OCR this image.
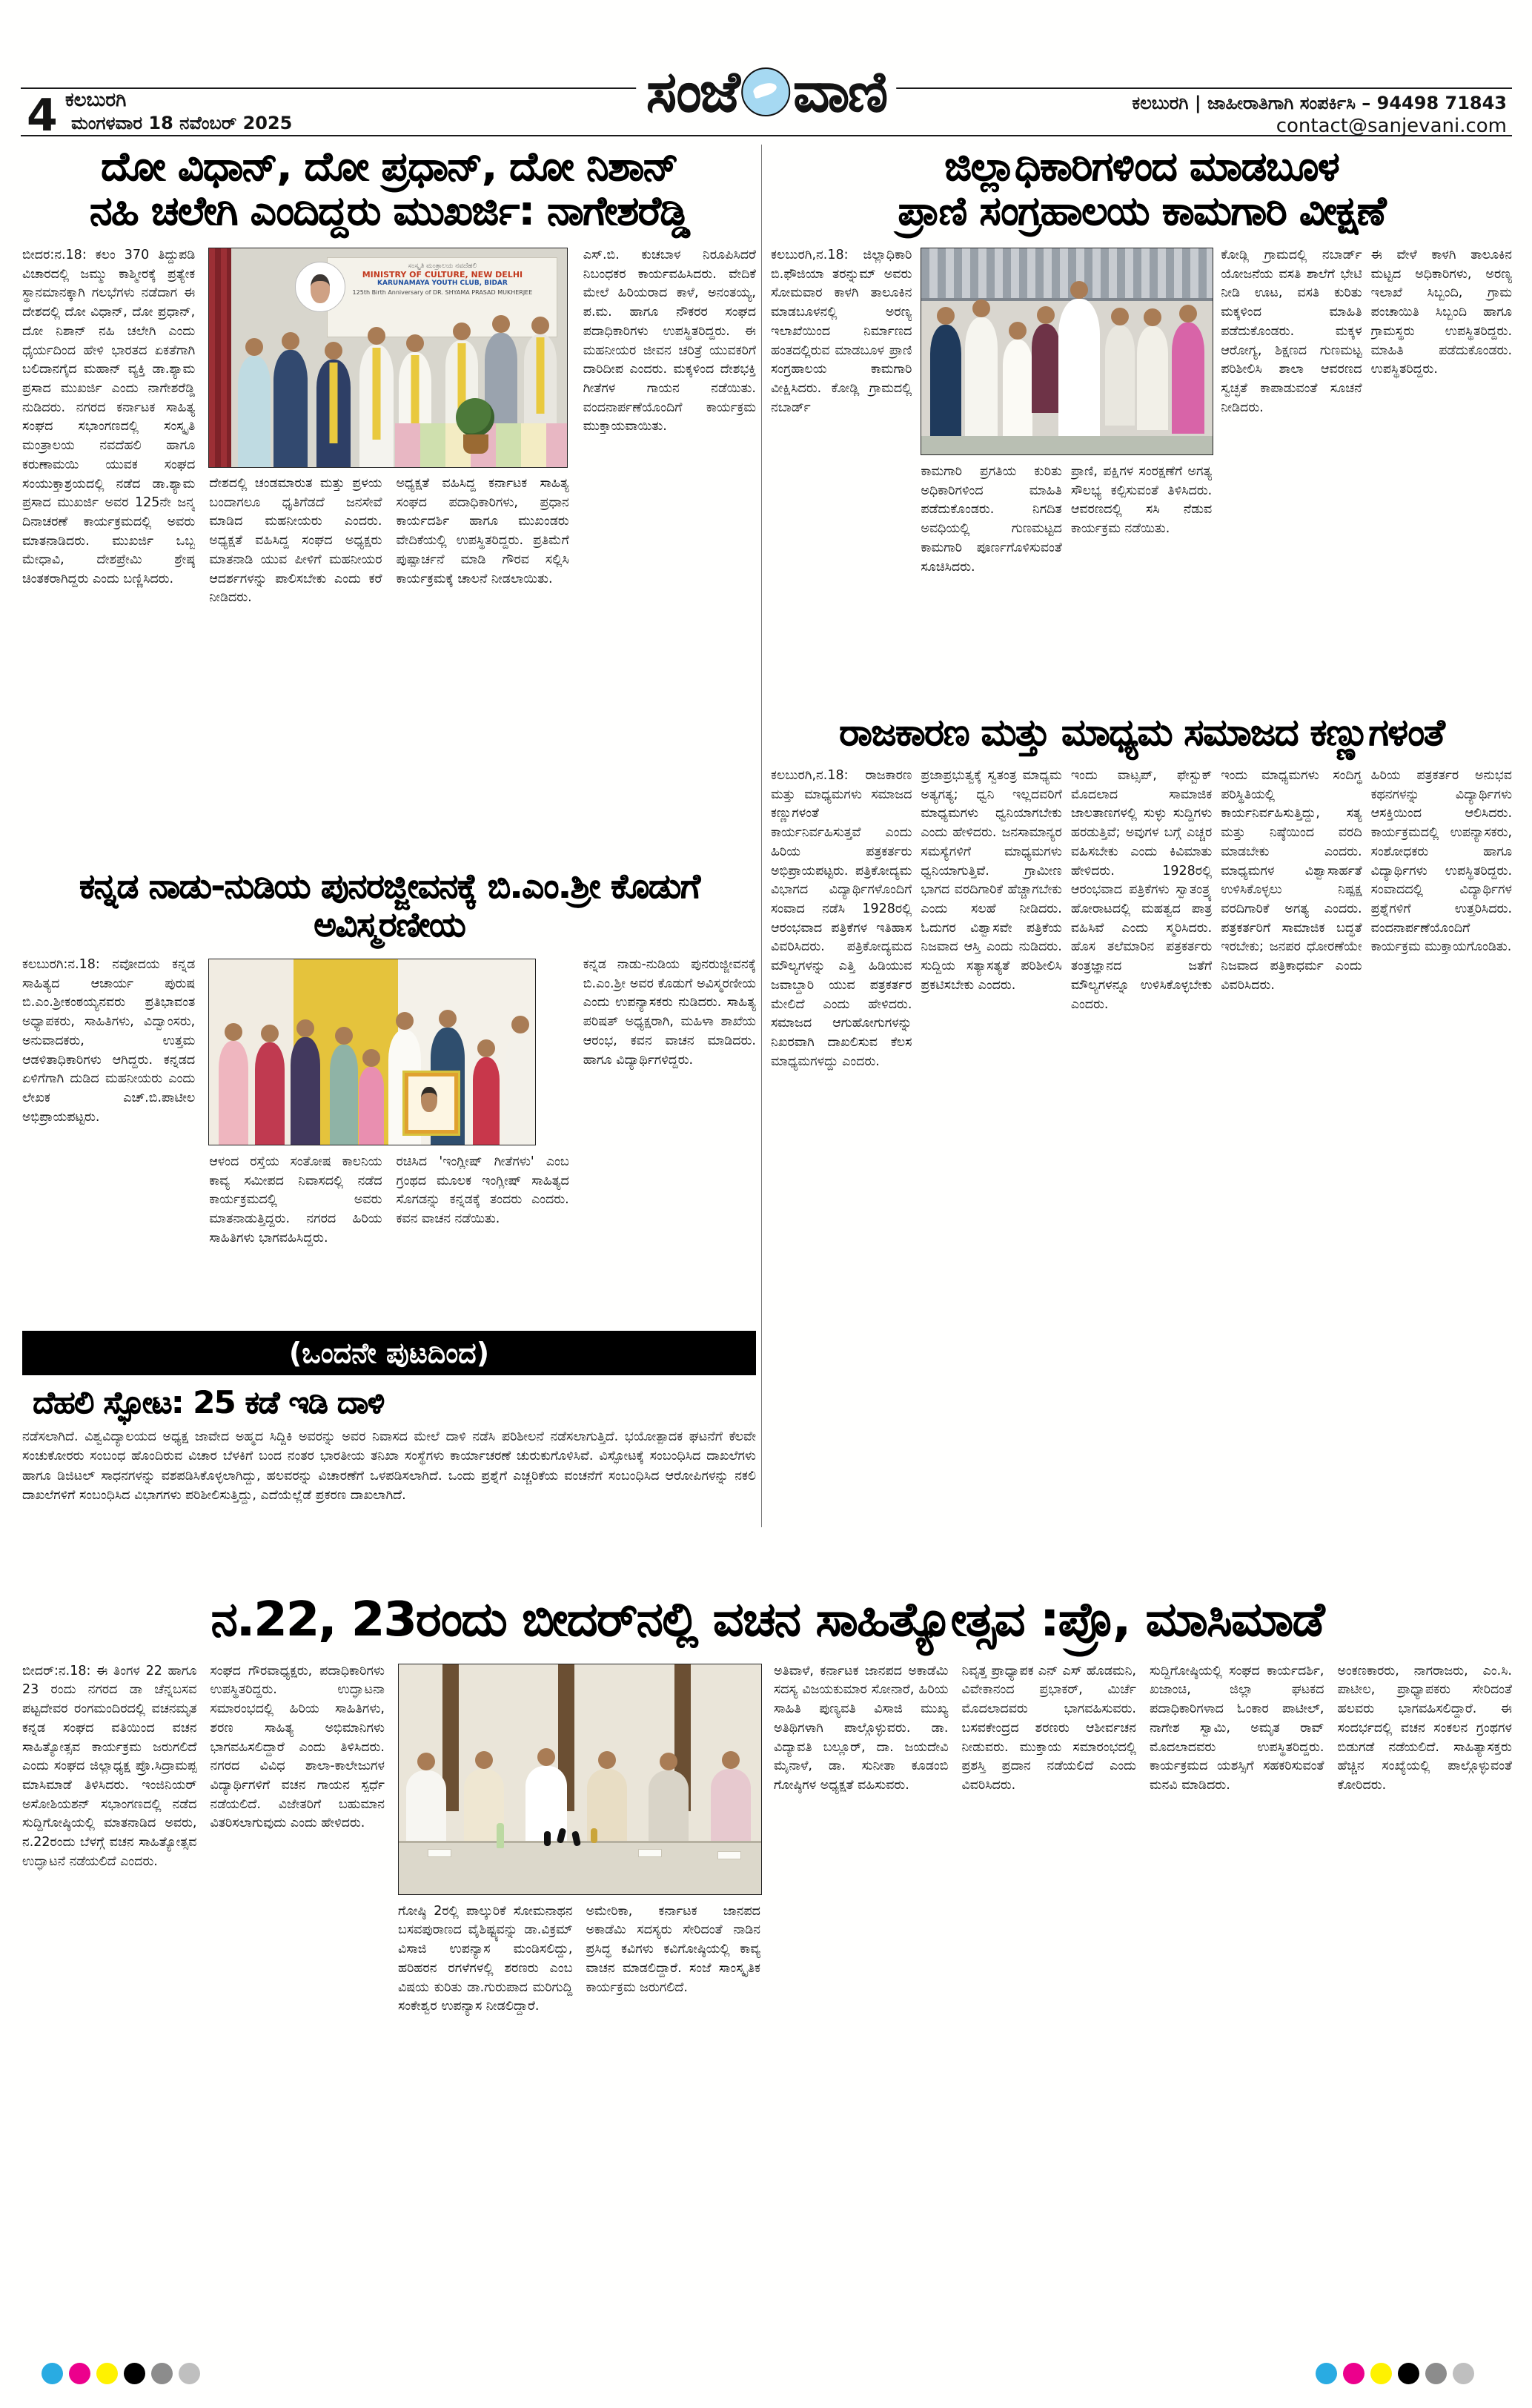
4 ಕಲಬುರಗಿ
ಮಂಗಳವಾರ 18 ನವೆಂಬರ್ 2025	ಸಂಜೆ ವಾಣಿ	ಕಲಬುರಗಿ | ಜಾಹೀರಾತಿಗಾಗಿ ಸಂಪರ್ಕಿಸಿ – 94498 71843
contact@sanjevani.com
ದೋ ವಿಧಾನ್, ದೋ ಪ್ರಧಾನ್, ದೋ ನಿಶಾನ್
ನಹಿ ಚಲೇಗಿ ಎಂದಿದ್ದರು ಮುಖರ್ಜಿ: ನಾಗೇಶರೆಡ್ಡಿ
ಬೀದರ:ನ.18: ಕಲಂ 370 ತಿದ್ದುಪಡಿ ವಿಚಾರದಲ್ಲಿ ಜಮ್ಮು ಕಾಶ್ಮೀರಕ್ಕೆ ಪ್ರತ್ಯೇಕ ಸ್ಥಾನಮಾನಕ್ಕಾಗಿ ಗಲಭೆಗಳು ನಡೆದಾಗ ಈ ದೇಶದಲ್ಲಿ ದೋ ವಿಧಾನ್, ದೋ ಪ್ರಧಾನ್, ದೋ ನಿಶಾನ್ ನಹಿ ಚಲೇಗಿ ಎಂದು ಧೈರ್ಯದಿಂದ ಹೇಳಿ ಭಾರತದ ಏಕತೆಗಾಗಿ ಬಲಿದಾನಗೈದ ಮಹಾನ್ ವ್ಯಕ್ತಿ ಡಾ.ಶ್ಯಾಮ ಪ್ರಸಾದ ಮುಖರ್ಜಿ ಎಂದು ನಾಗೇಶರೆಡ್ಡಿ ನುಡಿದರು. ನಗರದ ಕರ್ನಾಟಕ ಸಾಹಿತ್ಯ ಸಂಘದ ಸಭಾಂಗಣದಲ್ಲಿ ಸಂಸ್ಕೃತಿ ಮಂತ್ರಾಲಯ ನವದೆಹಲಿ ಹಾಗೂ ಕರುಣಾಮಯಿ ಯುವಕ ಸಂಘದ ಸಂಯುಕ್ತಾಶ್ರಯದಲ್ಲಿ ನಡೆದ ಡಾ.ಶ್ಯಾಮ ಪ್ರಸಾದ ಮುಖರ್ಜಿ ಅವರ 125ನೇ ಜನ್ಮ ದಿನಾಚರಣೆ ಕಾರ್ಯಕ್ರಮದಲ್ಲಿ ಅವರು ಮಾತನಾಡಿದರು. ಮುಖರ್ಜಿ ಒಬ್ಬ ಮೇಧಾವಿ, ದೇಶಪ್ರೇಮಿ ಶ್ರೇಷ್ಠ ಚಿಂತಕರಾಗಿದ್ದರು ಎಂದು ಬಣ್ಣಿಸಿದರು.
ದೇಶದಲ್ಲಿ ಚಂಡಮಾರುತ ಮತ್ತು ಪ್ರಳಯ ಬಂದಾಗಲೂ ಧೃತಿಗೆಡದೆ ಜನಸೇವೆ ಮಾಡಿದ ಮಹನೀಯರು ಎಂದರು. ಅಧ್ಯಕ್ಷತೆ ವಹಿಸಿದ್ದ ಸಂಘದ ಅಧ್ಯಕ್ಷರು ಮಾತನಾಡಿ ಯುವ ಪೀಳಿಗೆ ಮಹನೀಯರ ಆದರ್ಶಗಳನ್ನು ಪಾಲಿಸಬೇಕು ಎಂದು ಕರೆ ನೀಡಿದರು.
ಅಧ್ಯಕ್ಷತೆ ವಹಿಸಿದ್ದ ಕರ್ನಾಟಕ ಸಾಹಿತ್ಯ ಸಂಘದ ಪದಾಧಿಕಾರಿಗಳು, ಪ್ರಧಾನ ಕಾರ್ಯದರ್ಶಿ ಹಾಗೂ ಮುಖಂಡರು ವೇದಿಕೆಯಲ್ಲಿ ಉಪಸ್ಥಿತರಿದ್ದರು. ಪ್ರತಿಮೆಗೆ ಪುಷ್ಪಾರ್ಚನೆ ಮಾಡಿ ಗೌರವ ಸಲ್ಲಿಸಿ ಕಾರ್ಯಕ್ರಮಕ್ಕೆ ಚಾಲನೆ ನೀಡಲಾಯಿತು.
ಎಸ್.ಬಿ. ಕುಚಬಾಳ ನಿರೂಪಿಸಿದರೆ ನಿಬಂಧಕರ ಕಾರ್ಯವಹಿಸಿದರು. ವೇದಿಕೆ ಮೇಲೆ ಹಿರಿಯರಾದ ಕಾಳೆ, ಅನಂತಯ್ಯ, ಪ.ಮ. ಹಾಗೂ ನೌಕರರ ಸಂಘದ ಪದಾಧಿಕಾರಿಗಳು ಉಪಸ್ಥಿತರಿದ್ದರು. ಈ ಮಹನೀಯರ ಜೀವನ ಚರಿತ್ರೆ ಯುವಕರಿಗೆ ದಾರಿದೀಪ ಎಂದರು. ಮಕ್ಕಳಿಂದ ದೇಶಭಕ್ತಿ ಗೀತೆಗಳ ಗಾಯನ ನಡೆಯಿತು. ವಂದನಾರ್ಪಣೆಯೊಂದಿಗೆ ಕಾರ್ಯಕ್ರಮ ಮುಕ್ತಾಯವಾಯಿತು.
ಸಂಸ್ಕೃತಿ ಮಂತ್ರಾಲಯ ನವದೆಹಲಿ
MINISTRY OF CULTURE, NEW DELHI
KARUNAMAYA YOUTH CLUB, BIDAR
125th Birth Anniversary of DR. SHYAMA PRASAD MUKHERJEE
ಜಿಲ್ಲಾಧಿಕಾರಿಗಳಿಂದ ಮಾಡಬೂಳ
ಪ್ರಾಣಿ ಸಂಗ್ರಹಾಲಯ ಕಾಮಗಾರಿ ವೀಕ್ಷಣೆ
ಕಲಬುರಗಿ,ನ.18: ಜಿಲ್ಲಾಧಿಕಾರಿ ಬಿ.ಫೌಜಿಯಾ ತರನ್ನುಮ್ ಅವರು ಸೋಮವಾರ ಕಾಳಗಿ ತಾಲೂಕಿನ ಮಾಡಬೂಳನಲ್ಲಿ ಅರಣ್ಯ ಇಲಾಖೆಯಿಂದ ನಿರ್ಮಾಣದ ಹಂತದಲ್ಲಿರುವ ಮಾಡಬೂಳ ಪ್ರಾಣಿ ಸಂಗ್ರಹಾಲಯ ಕಾಮಗಾರಿ ವೀಕ್ಷಿಸಿದರು. ಕೋಡ್ಲಿ ಗ್ರಾಮದಲ್ಲಿ ನಬಾರ್ಡ್
ಕಾಮಗಾರಿ ಪ್ರಗತಿಯ ಕುರಿತು ಅಧಿಕಾರಿಗಳಿಂದ ಮಾಹಿತಿ ಪಡೆದುಕೊಂಡರು. ನಿಗದಿತ ಅವಧಿಯಲ್ಲಿ ಗುಣಮಟ್ಟದ ಕಾಮಗಾರಿ ಪೂರ್ಣಗೊಳಿಸುವಂತೆ ಸೂಚಿಸಿದರು.
ಪ್ರಾಣಿ, ಪಕ್ಷಿಗಳ ಸಂರಕ್ಷಣೆಗೆ ಅಗತ್ಯ ಸೌಲಭ್ಯ ಕಲ್ಪಿಸುವಂತೆ ತಿಳಿಸಿದರು. ಆವರಣದಲ್ಲಿ ಸಸಿ ನೆಡುವ ಕಾರ್ಯಕ್ರಮ ನಡೆಯಿತು.
ಕೋಡ್ಲಿ ಗ್ರಾಮದಲ್ಲಿ ನಬಾರ್ಡ್ ಯೋಜನೆಯ ವಸತಿ ಶಾಲೆಗೆ ಭೇಟಿ ನೀಡಿ ಊಟ, ವಸತಿ ಕುರಿತು ಮಕ್ಕಳಿಂದ ಮಾಹಿತಿ ಪಡೆದುಕೊಂಡರು. ಮಕ್ಕಳ ಆರೋಗ್ಯ, ಶಿಕ್ಷಣದ ಗುಣಮಟ್ಟ ಪರಿಶೀಲಿಸಿ ಶಾಲಾ ಆವರಣದ ಸ್ವಚ್ಛತೆ ಕಾಪಾಡುವಂತೆ ಸೂಚನೆ ನೀಡಿದರು.
ಈ ವೇಳೆ ಕಾಳಗಿ ತಾಲೂಕಿನ ಮಟ್ಟದ ಅಧಿಕಾರಿಗಳು, ಅರಣ್ಯ ಇಲಾಖೆ ಸಿಬ್ಬಂದಿ, ಗ್ರಾಮ ಪಂಚಾಯಿತಿ ಸಿಬ್ಬಂದಿ ಹಾಗೂ ಗ್ರಾಮಸ್ಥರು ಉಪಸ್ಥಿತರಿದ್ದರು. ಮಾಹಿತಿ ಪಡೆದುಕೊಂಡರು. ಉಪಸ್ಥಿತರಿದ್ದರು.
ರಾಜಕಾರಣ ಮತ್ತು ಮಾಧ್ಯಮ ಸಮಾಜದ ಕಣ್ಣುಗಳಂತೆ
ಕಲಬುರಗಿ,ನ.18: ರಾಜಕಾರಣ ಮತ್ತು ಮಾಧ್ಯಮಗಳು ಸಮಾಜದ ಕಣ್ಣುಗಳಂತೆ ಕಾರ್ಯನಿರ್ವಹಿಸುತ್ತವೆ ಎಂದು ಹಿರಿಯ ಪತ್ರಕರ್ತರು ಅಭಿಪ್ರಾಯಪಟ್ಟರು. ಪತ್ರಿಕೋದ್ಯಮ ವಿಭಾಗದ ವಿದ್ಯಾರ್ಥಿಗಳೊಂದಿಗೆ ಸಂವಾದ ನಡೆಸಿ 1928ರಲ್ಲಿ ಆರಂಭವಾದ ಪತ್ರಿಕೆಗಳ ಇತಿಹಾಸ ವಿವರಿಸಿದರು. ಪತ್ರಿಕೋದ್ಯಮದ ಮೌಲ್ಯಗಳನ್ನು ಎತ್ತಿ ಹಿಡಿಯುವ ಜವಾಬ್ದಾರಿ ಯುವ ಪತ್ರಕರ್ತರ ಮೇಲಿದೆ ಎಂದು ಹೇಳಿದರು. ಸಮಾಜದ ಆಗುಹೋಗುಗಳನ್ನು ನಿಖರವಾಗಿ ದಾಖಲಿಸುವ ಕೆಲಸ ಮಾಧ್ಯಮಗಳದ್ದು ಎಂದರು.
ಪ್ರಜಾಪ್ರಭುತ್ವಕ್ಕೆ ಸ್ವತಂತ್ರ ಮಾಧ್ಯಮ ಅತ್ಯಗತ್ಯ; ಧ್ವನಿ ಇಲ್ಲದವರಿಗೆ ಮಾಧ್ಯಮಗಳು ಧ್ವನಿಯಾಗಬೇಕು ಎಂದು ಹೇಳಿದರು. ಜನಸಾಮಾನ್ಯರ ಸಮಸ್ಯೆಗಳಿಗೆ ಮಾಧ್ಯಮಗಳು ಧ್ವನಿಯಾಗುತ್ತಿವೆ. ಗ್ರಾಮೀಣ ಭಾಗದ ವರದಿಗಾರಿಕೆ ಹೆಚ್ಚಾಗಬೇಕು ಎಂದು ಸಲಹೆ ನೀಡಿದರು. ಓದುಗರ ವಿಶ್ವಾಸವೇ ಪತ್ರಿಕೆಯ ನಿಜವಾದ ಆಸ್ತಿ ಎಂದು ನುಡಿದರು. ಸುದ್ದಿಯ ಸತ್ಯಾಸತ್ಯತೆ ಪರಿಶೀಲಿಸಿ ಪ್ರಕಟಿಸಬೇಕು ಎಂದರು.
ಇಂದು ವಾಟ್ಸಪ್, ಫೇಸ್ಬುಕ್ ಮೊದಲಾದ ಸಾಮಾಜಿಕ ಜಾಲತಾಣಗಳಲ್ಲಿ ಸುಳ್ಳು ಸುದ್ದಿಗಳು ಹರಡುತ್ತಿವೆ; ಅವುಗಳ ಬಗ್ಗೆ ಎಚ್ಚರ ವಹಿಸಬೇಕು ಎಂದು ಕಿವಿಮಾತು ಹೇಳಿದರು. 1928ರಲ್ಲಿ ಆರಂಭವಾದ ಪತ್ರಿಕೆಗಳು ಸ್ವಾತಂತ್ರ್ಯ ಹೋರಾಟದಲ್ಲಿ ಮಹತ್ವದ ಪಾತ್ರ ವಹಿಸಿವೆ ಎಂದು ಸ್ಮರಿಸಿದರು. ಹೊಸ ತಲೆಮಾರಿನ ಪತ್ರಕರ್ತರು ತಂತ್ರಜ್ಞಾನದ ಜತೆಗೆ ಮೌಲ್ಯಗಳನ್ನೂ ಉಳಿಸಿಕೊಳ್ಳಬೇಕು ಎಂದರು.
ಇಂದು ಮಾಧ್ಯಮಗಳು ಸಂದಿಗ್ಧ ಪರಿಸ್ಥಿತಿಯಲ್ಲಿ ಕಾರ್ಯನಿರ್ವಹಿಸುತ್ತಿದ್ದು, ಸತ್ಯ ಮತ್ತು ನಿಷ್ಠೆಯಿಂದ ವರದಿ ಮಾಡಬೇಕು ಎಂದರು. ಮಾಧ್ಯಮಗಳ ವಿಶ್ವಾಸಾರ್ಹತೆ ಉಳಿಸಿಕೊಳ್ಳಲು ನಿಷ್ಪಕ್ಷ ವರದಿಗಾರಿಕೆ ಅಗತ್ಯ ಎಂದರು. ಪತ್ರಕರ್ತರಿಗೆ ಸಾಮಾಜಿಕ ಬದ್ಧತೆ ಇರಬೇಕು; ಜನಪರ ಧೋರಣೆಯೇ ನಿಜವಾದ ಪತ್ರಿಕಾಧರ್ಮ ಎಂದು ವಿವರಿಸಿದರು.
ಹಿರಿಯ ಪತ್ರಕರ್ತರ ಅನುಭವ ಕಥನಗಳನ್ನು ವಿದ್ಯಾರ್ಥಿಗಳು ಆಸಕ್ತಿಯಿಂದ ಆಲಿಸಿದರು. ಕಾರ್ಯಕ್ರಮದಲ್ಲಿ ಉಪನ್ಯಾಸಕರು, ಸಂಶೋಧಕರು ಹಾಗೂ ವಿದ್ಯಾರ್ಥಿಗಳು ಉಪಸ್ಥಿತರಿದ್ದರು. ಸಂವಾದದಲ್ಲಿ ವಿದ್ಯಾರ್ಥಿಗಳ ಪ್ರಶ್ನೆಗಳಿಗೆ ಉತ್ತರಿಸಿದರು. ವಂದನಾರ್ಪಣೆಯೊಂದಿಗೆ ಕಾರ್ಯಕ್ರಮ ಮುಕ್ತಾಯಗೊಂಡಿತು.
ಕನ್ನಡ ನಾಡು-ನುಡಿಯ ಪುನರಜ್ಜೀವನಕ್ಕೆ ಬಿ.ಎಂ.ಶ್ರೀ ಕೊಡುಗೆ ಅವಿಸ್ಮರಣೀಯ
ಕಲಬುರಗಿ:ನ.18: ನವೋದಯ ಕನ್ನಡ ಸಾಹಿತ್ಯದ ಆಚಾರ್ಯ ಪುರುಷ ಬಿ.ಎಂ.ಶ್ರೀಕಂಠಯ್ಯನವರು ಪ್ರತಿಭಾವಂತ ಅಧ್ಯಾಪಕರು, ಸಾಹಿತಿಗಳು, ವಿದ್ವಾಂಸರು, ಅನುವಾದಕರು, ಉತ್ತಮ ಆಡಳಿತಾಧಿಕಾರಿಗಳು ಆಗಿದ್ದರು. ಕನ್ನಡದ ಏಳಿಗೆಗಾಗಿ ದುಡಿದ ಮಹನೀಯರು ಎಂದು ಲೇಖಕ ಎಚ್.ಬಿ.ಪಾಟೀಲ ಅಭಿಪ್ರಾಯಪಟ್ಟರು.
ಆಳಂದ ರಸ್ತೆಯ ಸಂತೋಷ ಕಾಲನಿಯ ಕಾವ್ಯ ಸಮೀಪದ ನಿವಾಸದಲ್ಲಿ ನಡೆದ ಕಾರ್ಯಕ್ರಮದಲ್ಲಿ ಅವರು ಮಾತನಾಡುತ್ತಿದ್ದರು. ನಗರದ ಹಿರಿಯ ಸಾಹಿತಿಗಳು ಭಾಗವಹಿಸಿದ್ದರು.
ರಚಿಸಿದ 'ಇಂಗ್ಲೀಷ್ ಗೀತೆಗಳು' ಎಂಬ ಗ್ರಂಥದ ಮೂಲಕ ಇಂಗ್ಲೀಷ್ ಸಾಹಿತ್ಯದ ಸೊಗಡನ್ನು ಕನ್ನಡಕ್ಕೆ ತಂದರು ಎಂದರು. ಕವನ ವಾಚನ ನಡೆಯಿತು.
ಕನ್ನಡ ನಾಡು-ನುಡಿಯ ಪುನರುಜ್ಜೀವನಕ್ಕೆ ಬಿ.ಎಂ.ಶ್ರೀ ಅವರ ಕೊಡುಗೆ ಅವಿಸ್ಮರಣೀಯ ಎಂದು ಉಪನ್ಯಾಸಕರು ನುಡಿದರು. ಸಾಹಿತ್ಯ ಪರಿಷತ್ ಅಧ್ಯಕ್ಷರಾಗಿ, ಮಹಿಳಾ ಶಾಖೆಯ ಆರಂಭ, ಕವನ ವಾಚನ ಮಾಡಿದರು. ಹಾಗೂ ವಿದ್ಯಾರ್ಥಿಗಳಿದ್ದರು.
(ಒಂದನೇ ಪುಟದಿಂದ)
ದೆಹಲಿ ಸ್ಫೋಟ: 25 ಕಡೆ ಇಡಿ ದಾಳಿ
ನಡೆಸಲಾಗಿದೆ. ವಿಶ್ವವಿದ್ಯಾಲಯದ ಅಧ್ಯಕ್ಷ ಜಾವೇದ ಅಹ್ಮದ ಸಿದ್ದಿಕಿ ಅವರನ್ನು ಅವರ ನಿವಾಸದ ಮೇಲೆ ದಾಳಿ ನಡೆಸಿ ಪರಿಶೀಲನೆ ನಡೆಸಲಾಗುತ್ತಿದೆ. ಭಯೋತ್ಪಾದಕ ಘಟನೆಗೆ ಕೆಲವೇ ಸಂಚುಕೋರರು ಸಂಬಂಧ ಹೊಂದಿರುವ ವಿಚಾರ ಬೆಳಕಿಗೆ ಬಂದ ನಂತರ ಭಾರತೀಯ ತನಿಖಾ ಸಂಸ್ಥೆಗಳು ಕಾರ್ಯಾಚರಣೆ ಚುರುಕುಗೊಳಿಸಿವೆ. ವಿಸ್ಫೋಟಕ್ಕೆ ಸಂಬಂಧಿಸಿದ ದಾಖಲೆಗಳು ಹಾಗೂ ಡಿಜಿಟಲ್ ಸಾಧನಗಳನ್ನು ವಶಪಡಿಸಿಕೊಳ್ಳಲಾಗಿದ್ದು, ಹಲವರನ್ನು ವಿಚಾರಣೆಗೆ ಒಳಪಡಿಸಲಾಗಿದೆ. ಒಂದು ಪ್ರಶ್ನೆಗೆ ಎಚ್ಚರಿಕೆಯ ವಂಚನೆಗೆ ಸಂಬಂಧಿಸಿದ ಆರೋಪಿಗಳನ್ನು ನಕಲಿ ದಾಖಲೆಗಳಿಗೆ ಸಂಬಂಧಿಸಿದ ವಿಭಾಗಗಳು ಪರಿಶೀಲಿಸುತ್ತಿದ್ದು, ಎದೆಯೆಲ್ಲೆಡೆ ಪ್ರಕರಣ ದಾಖಲಾಗಿದೆ.
ನ.22, 23ರಂದು ಬೀದರ್‌ನಲ್ಲಿ ವಚನ ಸಾಹಿತ್ಯೋತ್ಸವ :ಪ್ರೊ, ಮಾಸಿಮಾಡೆ
ಬೀದರ್:ನ.18: ಈ ತಿಂಗಳ 22 ಹಾಗೂ 23 ರಂದು ನಗರದ ಡಾ ಚೆನ್ನಬಸವ ಪಟ್ಟದೇವರ ರಂಗಮಂದಿರದಲ್ಲಿ ವಚನಮೃತ ಕನ್ನಡ ಸಂಘದ ವತಿಯಿಂದ ವಚನ ಸಾಹಿತ್ಯೋತ್ಸವ ಕಾರ್ಯಕ್ರಮ ಜರುಗಲಿದೆ ಎಂದು ಸಂಘದ ಜಿಲ್ಲಾಧ್ಯಕ್ಷ ಪ್ರೊ.ಸಿದ್ರಾಮಪ್ಪ ಮಾಸಿಮಾಡೆ ತಿಳಿಸಿದರು. ಇಂಜಿನಿಯರ್ ಅಸೋಶಿಯಶನ್ ಸಭಾಂಗಣದಲ್ಲಿ ನಡೆದ ಸುದ್ದಿಗೋಷ್ಠಿಯಲ್ಲಿ ಮಾತನಾಡಿದ ಅವರು, ನ.22ರಂದು ಬೆಳಗ್ಗೆ ವಚನ ಸಾಹಿತ್ಯೋತ್ಸವ ಉದ್ಘಾಟನೆ ನಡೆಯಲಿದೆ ಎಂದರು.
ಸಂಘದ ಗೌರವಾಧ್ಯಕ್ಷರು, ಪದಾಧಿಕಾರಿಗಳು ಉಪಸ್ಥಿತರಿದ್ದರು. ಉದ್ಘಾಟನಾ ಸಮಾರಂಭದಲ್ಲಿ ಹಿರಿಯ ಸಾಹಿತಿಗಳು, ಶರಣ ಸಾಹಿತ್ಯ ಅಭಿಮಾನಿಗಳು ಭಾಗವಹಿಸಲಿದ್ದಾರೆ ಎಂದು ತಿಳಿಸಿದರು. ನಗರದ ವಿವಿಧ ಶಾಲಾ-ಕಾಲೇಜುಗಳ ವಿದ್ಯಾರ್ಥಿಗಳಿಗೆ ವಚನ ಗಾಯನ ಸ್ಪರ್ಧೆ ನಡೆಯಲಿದೆ. ವಿಜೇತರಿಗೆ ಬಹುಮಾನ ವಿತರಿಸಲಾಗುವುದು ಎಂದು ಹೇಳಿದರು.
ಗೋಷ್ಠಿ 2ರಲ್ಲಿ ಪಾಲ್ಕುರಿಕೆ ಸೋಮನಾಥನ ಬಸವಪುರಾಣದ ವೈಶಿಷ್ಟ್ಯವನ್ನು ಡಾ.ವಿಕ್ರಮ್ ವಿಸಾಜಿ ಉಪನ್ಯಾಸ ಮಂಡಿಸಲಿದ್ದು, ಹರಿಹರನ ರಗಳೆಗಳಲ್ಲಿ ಶರಣರು ಎಂಬ ವಿಷಯ ಕುರಿತು ಡಾ.ಗುರುಪಾದ ಮರಿಗುದ್ದಿ ಸಂಕೇಶ್ವರ ಉಪನ್ಯಾಸ ನೀಡಲಿದ್ದಾರೆ.
ಅಮೇರಿಕಾ, ಕರ್ನಾಟಕ ಜಾನಪದ ಅಕಾಡೆಮಿ ಸದಸ್ಯರು ಸೇರಿದಂತೆ ನಾಡಿನ ಪ್ರಸಿದ್ಧ ಕವಿಗಳು ಕವಿಗೋಷ್ಠಿಯಲ್ಲಿ ಕಾವ್ಯ ವಾಚನ ಮಾಡಲಿದ್ದಾರೆ. ಸಂಜೆ ಸಾಂಸ್ಕೃತಿಕ ಕಾರ್ಯಕ್ರಮ ಜರುಗಲಿದೆ.
ಅತಿವಾಳೆ, ಕರ್ನಾಟಕ ಜಾನಪದ ಅಕಾಡೆಮಿ ಸದಸ್ಯ ವಿಜಯಕುಮಾರ ಸೋನಾರೆ, ಹಿರಿಯ ಸಾಹಿತಿ ಪುಣ್ಯವತಿ ವಿಸಾಜಿ ಮುಖ್ಯ ಅತಿಥಿಗಳಾಗಿ ಪಾಲ್ಗೊಳ್ಳುವರು. ಡಾ. ವಿದ್ಯಾವತಿ ಬಲ್ಲೂರ್, ದಾ. ಜಯದೇವಿ ಮೈನಾಳೆ, ಡಾ. ಸುನೀತಾ ಕೂಡಂಬಿ ಗೋಷ್ಠಿಗಳ ಅಧ್ಯಕ್ಷತೆ ವಹಿಸುವರು.
ನಿವೃತ್ತ ಪ್ರಾಧ್ಯಾಪಕ ಎನ್ ಎಸ್ ಹೊಡಮನಿ, ವಿವೇಕಾನಂದ ಪ್ರಭಾಕರ್, ಮಿರ್ಚೆ ಮೊದಲಾದವರು ಭಾಗವಹಿಸುವರು. ಬಸವಕೇಂದ್ರದ ಶರಣರು ಆಶೀರ್ವಚನ ನೀಡುವರು. ಮುಕ್ತಾಯ ಸಮಾರಂಭದಲ್ಲಿ ಪ್ರಶಸ್ತಿ ಪ್ರದಾನ ನಡೆಯಲಿದೆ ಎಂದು ವಿವರಿಸಿದರು.
ಸುದ್ದಿಗೋಷ್ಠಿಯಲ್ಲಿ ಸಂಘದ ಕಾರ್ಯದರ್ಶಿ, ಖಜಾಂಚಿ, ಜಿಲ್ಲಾ ಘಟಕದ ಪದಾಧಿಕಾರಿಗಳಾದ ಓಂಕಾರ ಪಾಟೀಲ್, ನಾಗೇಶ ಸ್ವಾಮಿ, ಅಮೃತ ರಾವ್ ಮೊದಲಾದವರು ಉಪಸ್ಥಿತರಿದ್ದರು. ಕಾರ್ಯಕ್ರಮದ ಯಶಸ್ಸಿಗೆ ಸಹಕರಿಸುವಂತೆ ಮನವಿ ಮಾಡಿದರು.
ಅಂಕಣಕಾರರು, ನಾಗರಾಜರು, ಎಂ.ಸಿ. ಪಾಟೀಲ, ಪ್ರಾಧ್ಯಾಪಕರು ಸೇರಿದಂತೆ ಹಲವರು ಭಾಗವಹಿಸಲಿದ್ದಾರೆ. ಈ ಸಂದರ್ಭದಲ್ಲಿ ವಚನ ಸಂಕಲನ ಗ್ರಂಥಗಳ ಬಿಡುಗಡೆ ನಡೆಯಲಿದೆ. ಸಾಹಿತ್ಯಾಸಕ್ತರು ಹೆಚ್ಚಿನ ಸಂಖ್ಯೆಯಲ್ಲಿ ಪಾಲ್ಗೊಳ್ಳುವಂತೆ ಕೋರಿದರು.
